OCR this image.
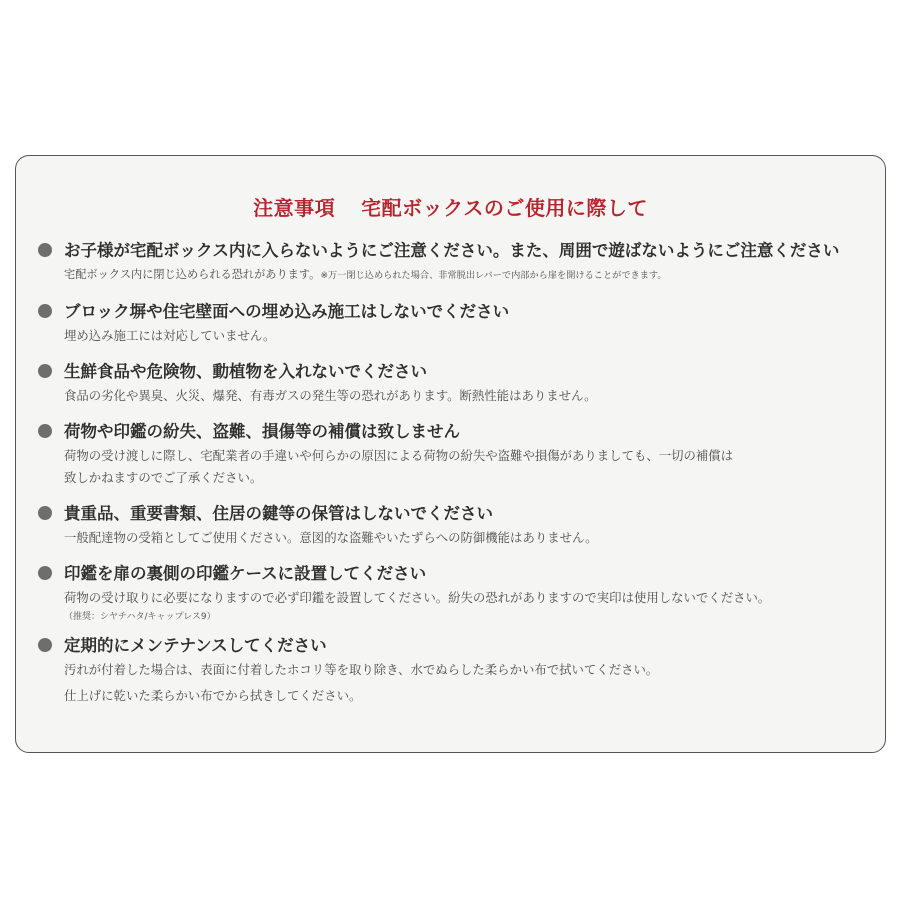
注意事項 宅配ボックスのご使用に際して
お子様が宅配ボックス内に入らないようにご注意ください。また、周囲で遊ばないようにご注意ください
宅配ボックス内に閉じ込められる恐れがあります。※万一閉じ込められた場合、非常脱出レバーで内部から扉を開けることができます。
ブロック塀や住宅壁面への埋め込み施工はしないでください
埋め込み施工には対応していません。
生鮮食品や危険物、動植物を入れないでください
食品の劣化や異臭、火災、爆発、有毒ガスの発生等の恐れがあります。断熱性能はありません。
荷物や印鑑の紛失、盗難、損傷等の補償は致しません
荷物の受け渡しに際し、宅配業者の手違いや何らかの原因による荷物の紛失や盗難や損傷がありましても、一切の補償は
致しかねますのでご了承ください。
貴重品、重要書類、住居の鍵等の保管はしないでください
一般配達物の受箱としてご使用ください。意図的な盗難やいたずらへの防御機能はありません。
印鑑を扉の裏側の印鑑ケースに設置してください
荷物の受け取りに必要になりますので必ず印鑑を設置してください。紛失の恐れがありますので実印は使用しないでください。
（推奨：シヤチハタ/キャップレス9）
定期的にメンテナンスしてください
汚れが付着した場合は、表面に付着したホコリ等を取り除き、水でぬらした柔らかい布で拭いてください。
仕上げに乾いた柔らかい布でから拭きしてください。
